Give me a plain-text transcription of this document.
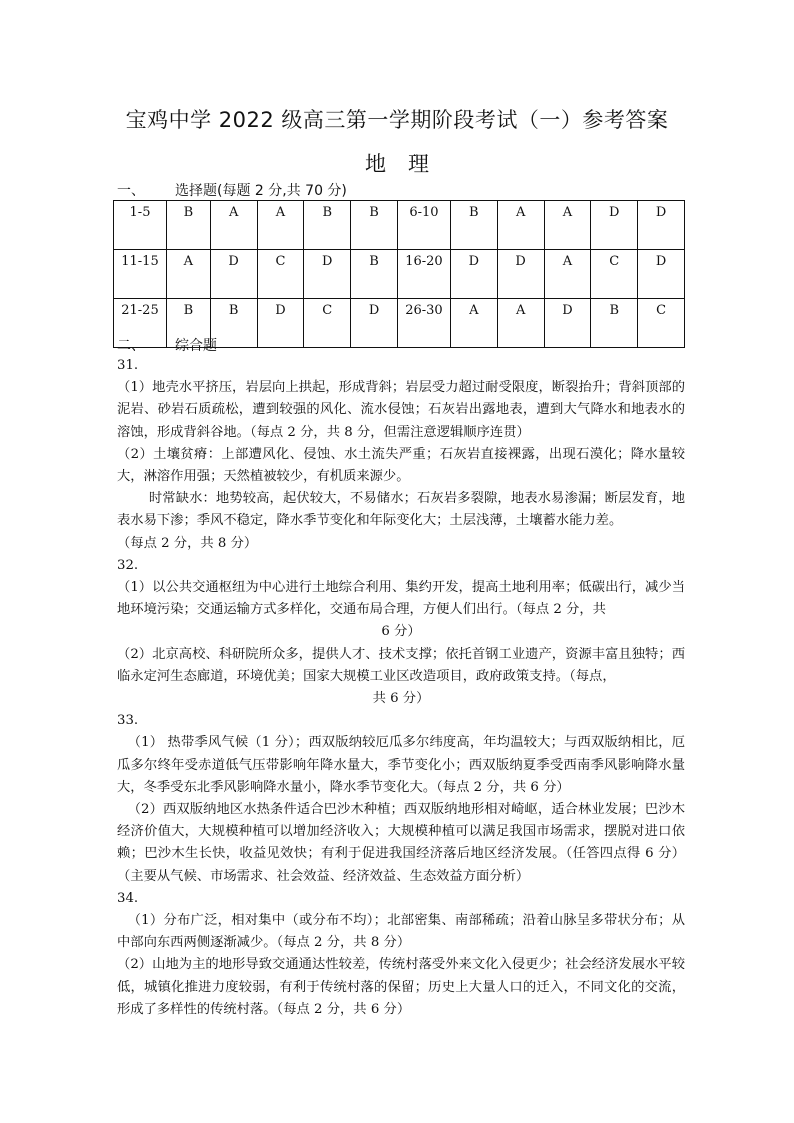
宝鸡中学 2022 级高三第一学期阶段考试（一）参考答案
地理
一、 选择题(每题 2 分,共 70 分)
1-5	B	A	A	B	B	6-10	B	A	A	D	D
11-15	A	D	C	D	B	16-20	D	D	A	C	D
21-25	B	B	D	C	D	26-30	A	A	D	B	C
二、 综合题

31.

（1）地壳水平挤压，岩层向上拱起，形成背斜；岩层受力超过耐受限度，断裂抬升；背斜顶部的泥岩、砂岩石质疏松，遭到较强的风化、流水侵蚀；石灰岩出露地表，遭到大气降水和地表水的溶蚀，形成背斜谷地。（每点 2 分，共 8 分，但需注意逻辑顺序连贯）

（2）土壤贫瘠：上部遭风化、侵蚀、水土流失严重；石灰岩直接裸露，出现石漠化；降水量较大，淋溶作用强；天然植被较少，有机质来源少。

时常缺水：地势较高，起伏较大，不易储水；石灰岩多裂隙，地表水易渗漏；断层发育，地表水易下渗；季风不稳定，降水季节变化和年际变化大；土层浅薄，土壤蓄水能力差。

（每点 2 分，共 8 分）

32.

（1）以公共交通枢纽为中心进行土地综合利用、集约开发，提高土地利用率；低碳出行，减少当地环境污染；交通运输方式多样化，交通布局合理，方便人们出行。（每点 2 分，共

6 分）

（2）北京高校、科研院所众多，提供人才、技术支撑；依托首钢工业遗产，资源丰富且独特；西临永定河生态廊道，环境优美；国家大规模工业区改造项目，政府政策支持。（每点，

共 6 分）

33.

（1） 热带季风气候（1 分）；西双版纳较厄瓜多尔纬度高，年均温较大；与西双版纳相比，厄瓜多尔终年受赤道低气压带影响年降水量大，季节变化小；西双版纳夏季受西南季风影响降水量大，冬季受东北季风影响降水量小，降水季节变化大。（每点 2 分，共 6 分）

（2）西双版纳地区水热条件适合巴沙木种植；西双版纳地形相对崎岖，适合林业发展；巴沙木经济价值大，大规模种植可以增加经济收入；大规模种植可以满足我国市场需求，摆脱对进口依赖；巴沙木生长快，收益见效快；有利于促进我国经济落后地区经济发展。（任答四点得 6 分）（主要从气候、市场需求、社会效益、经济效益、生态效益方面分析）

34.

（1）分布广泛，相对集中（或分布不均）；北部密集、南部稀疏；沿着山脉呈多带状分布；从中部向东西两侧逐渐减少。（每点 2 分，共 8 分）

（2）山地为主的地形导致交通通达性较差，传统村落受外来文化入侵更少；社会经济发展水平较低，城镇化推进力度较弱，有利于传统村落的保留；历史上大量人口的迁入，不同文化的交流，形成了多样性的传统村落。（每点 2 分，共 6 分）
